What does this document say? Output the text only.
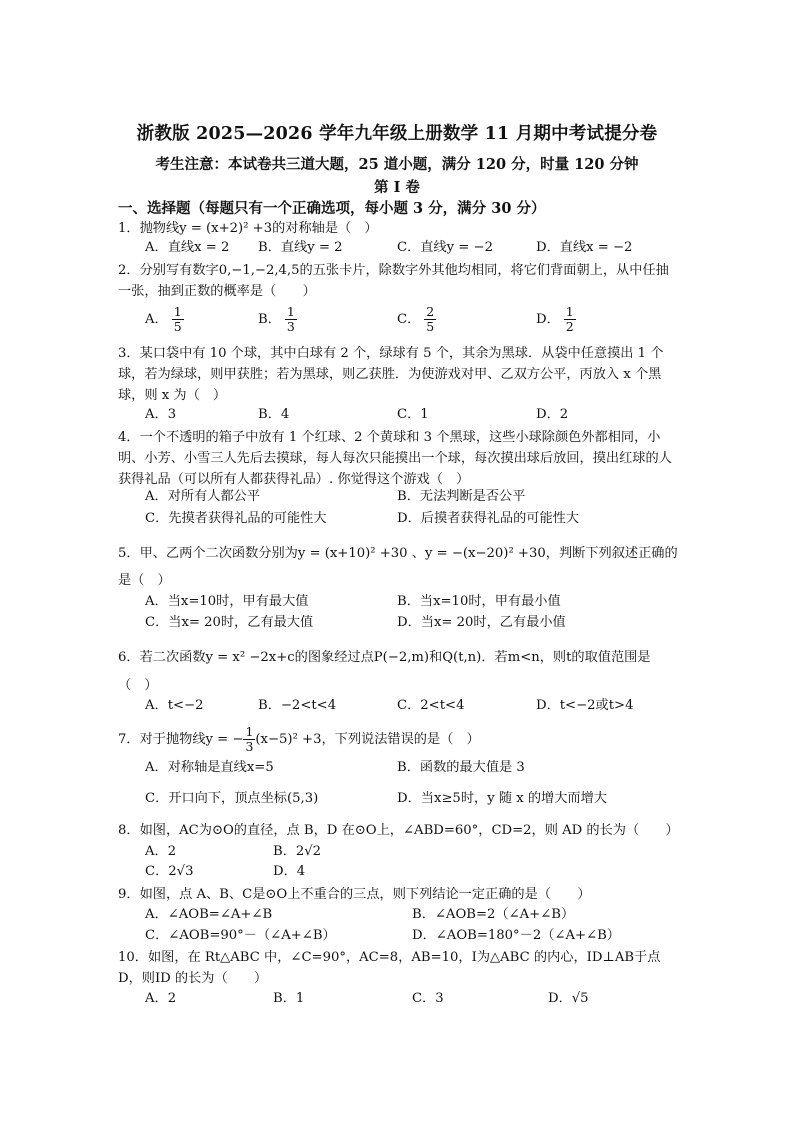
浙教版 2025—2026 学年九年级上册数学 11 月期中考试提分卷
考生注意：本试卷共三道大题，25 道小题，满分 120 分，时量 120 分钟
第 I 卷
一、选择题（每题只有一个正确选项，每小题 3 分，满分 30 分）
1．抛物线y = (x+2)² +3的对称轴是（　）
A．直线x = 2 B．直线y = 2	C．直线y = −2	D．直线x = −2
2．分别写有数字0,−1,−2,4,5的五张卡片，除数字外其他均相同，将它们背面朝上，从中任抽一张，抽到正数的概率是（　　）
A． $\frac{1}{5}$	B． $\frac{1}{3}$	C． $\frac{2}{5}$	D． $\frac{1}{2}$
3．某口袋中有 10 个球，其中白球有 2 个，绿球有 5 个，其余为黑球．从袋中任意摸出 1 个球，若为绿球，则甲获胜；若为黑球，则乙获胜．为使游戏对甲、乙双方公平，丙放入 x 个黑球，则 x 为（　）
A．3	B．4	C．1	D．2
4．一个不透明的箱子中放有 1 个红球、2 个黄球和 3 个黑球，这些小球除颜色外都相同，小明、小芳、小雪三人先后去摸球，每人每次只能摸出一个球，每次摸出球后放回，摸出红球的人获得礼品（可以所有人都获得礼品）. 你觉得这个游戏（　）
A．对所有人都公平	B．无法判断是否公平
C．先摸者获得礼品的可能性大	D．后摸者获得礼品的可能性大
5．甲、乙两个二次函数分别为y = (x+10)² +30 、y = −(x−20)² +30，判断下列叙述正确的是（　）
A．当x=10时，甲有最大值	B．当x=10时，甲有最小值
C．当x= 20时，乙有最大值	D．当x= 20时，乙有最小值
6．若二次函数y = x² −2x+c的图象经过点P(−2,m)和Q(t,n)．若m<n，则t的取值范围是（　）
A．t<−2	B．−2<t<4	C．2<t<4	D．t<−2或t>4
7．对于抛物线y = − $\frac{1}{3} (x-5)^2 +3$，下列说法错误的是（　）
A．对称轴是直线x=5	B．函数的最大值是 3
C．开口向下，顶点坐标(5,3)	D．当x≥5时，y 随 x 的增大而增大
8．如图，AC为⊙O的直径，点 B，D 在⊙O上，∠ABD=60°，CD=2，则 AD 的长为（　　）
A．2	B．2√2
C．2√3	D．4
9．如图，点 A、B、C是⊙O上不重合的三点，则下列结论一定正确的是（　　）
A．∠AOB=∠A+∠B	B．∠AOB=2（∠A+∠B）
C．∠AOB=90°－（∠A+∠B）	D．∠AOB=180°－2（∠A+∠B）
10．如图，在 Rt△ABC 中，∠C=90°，AC=8，AB=10，I为△ABC 的内心，ID⊥AB于点 D，则ID 的长为（　　）
A．2	B．1	C．3	D．√5
